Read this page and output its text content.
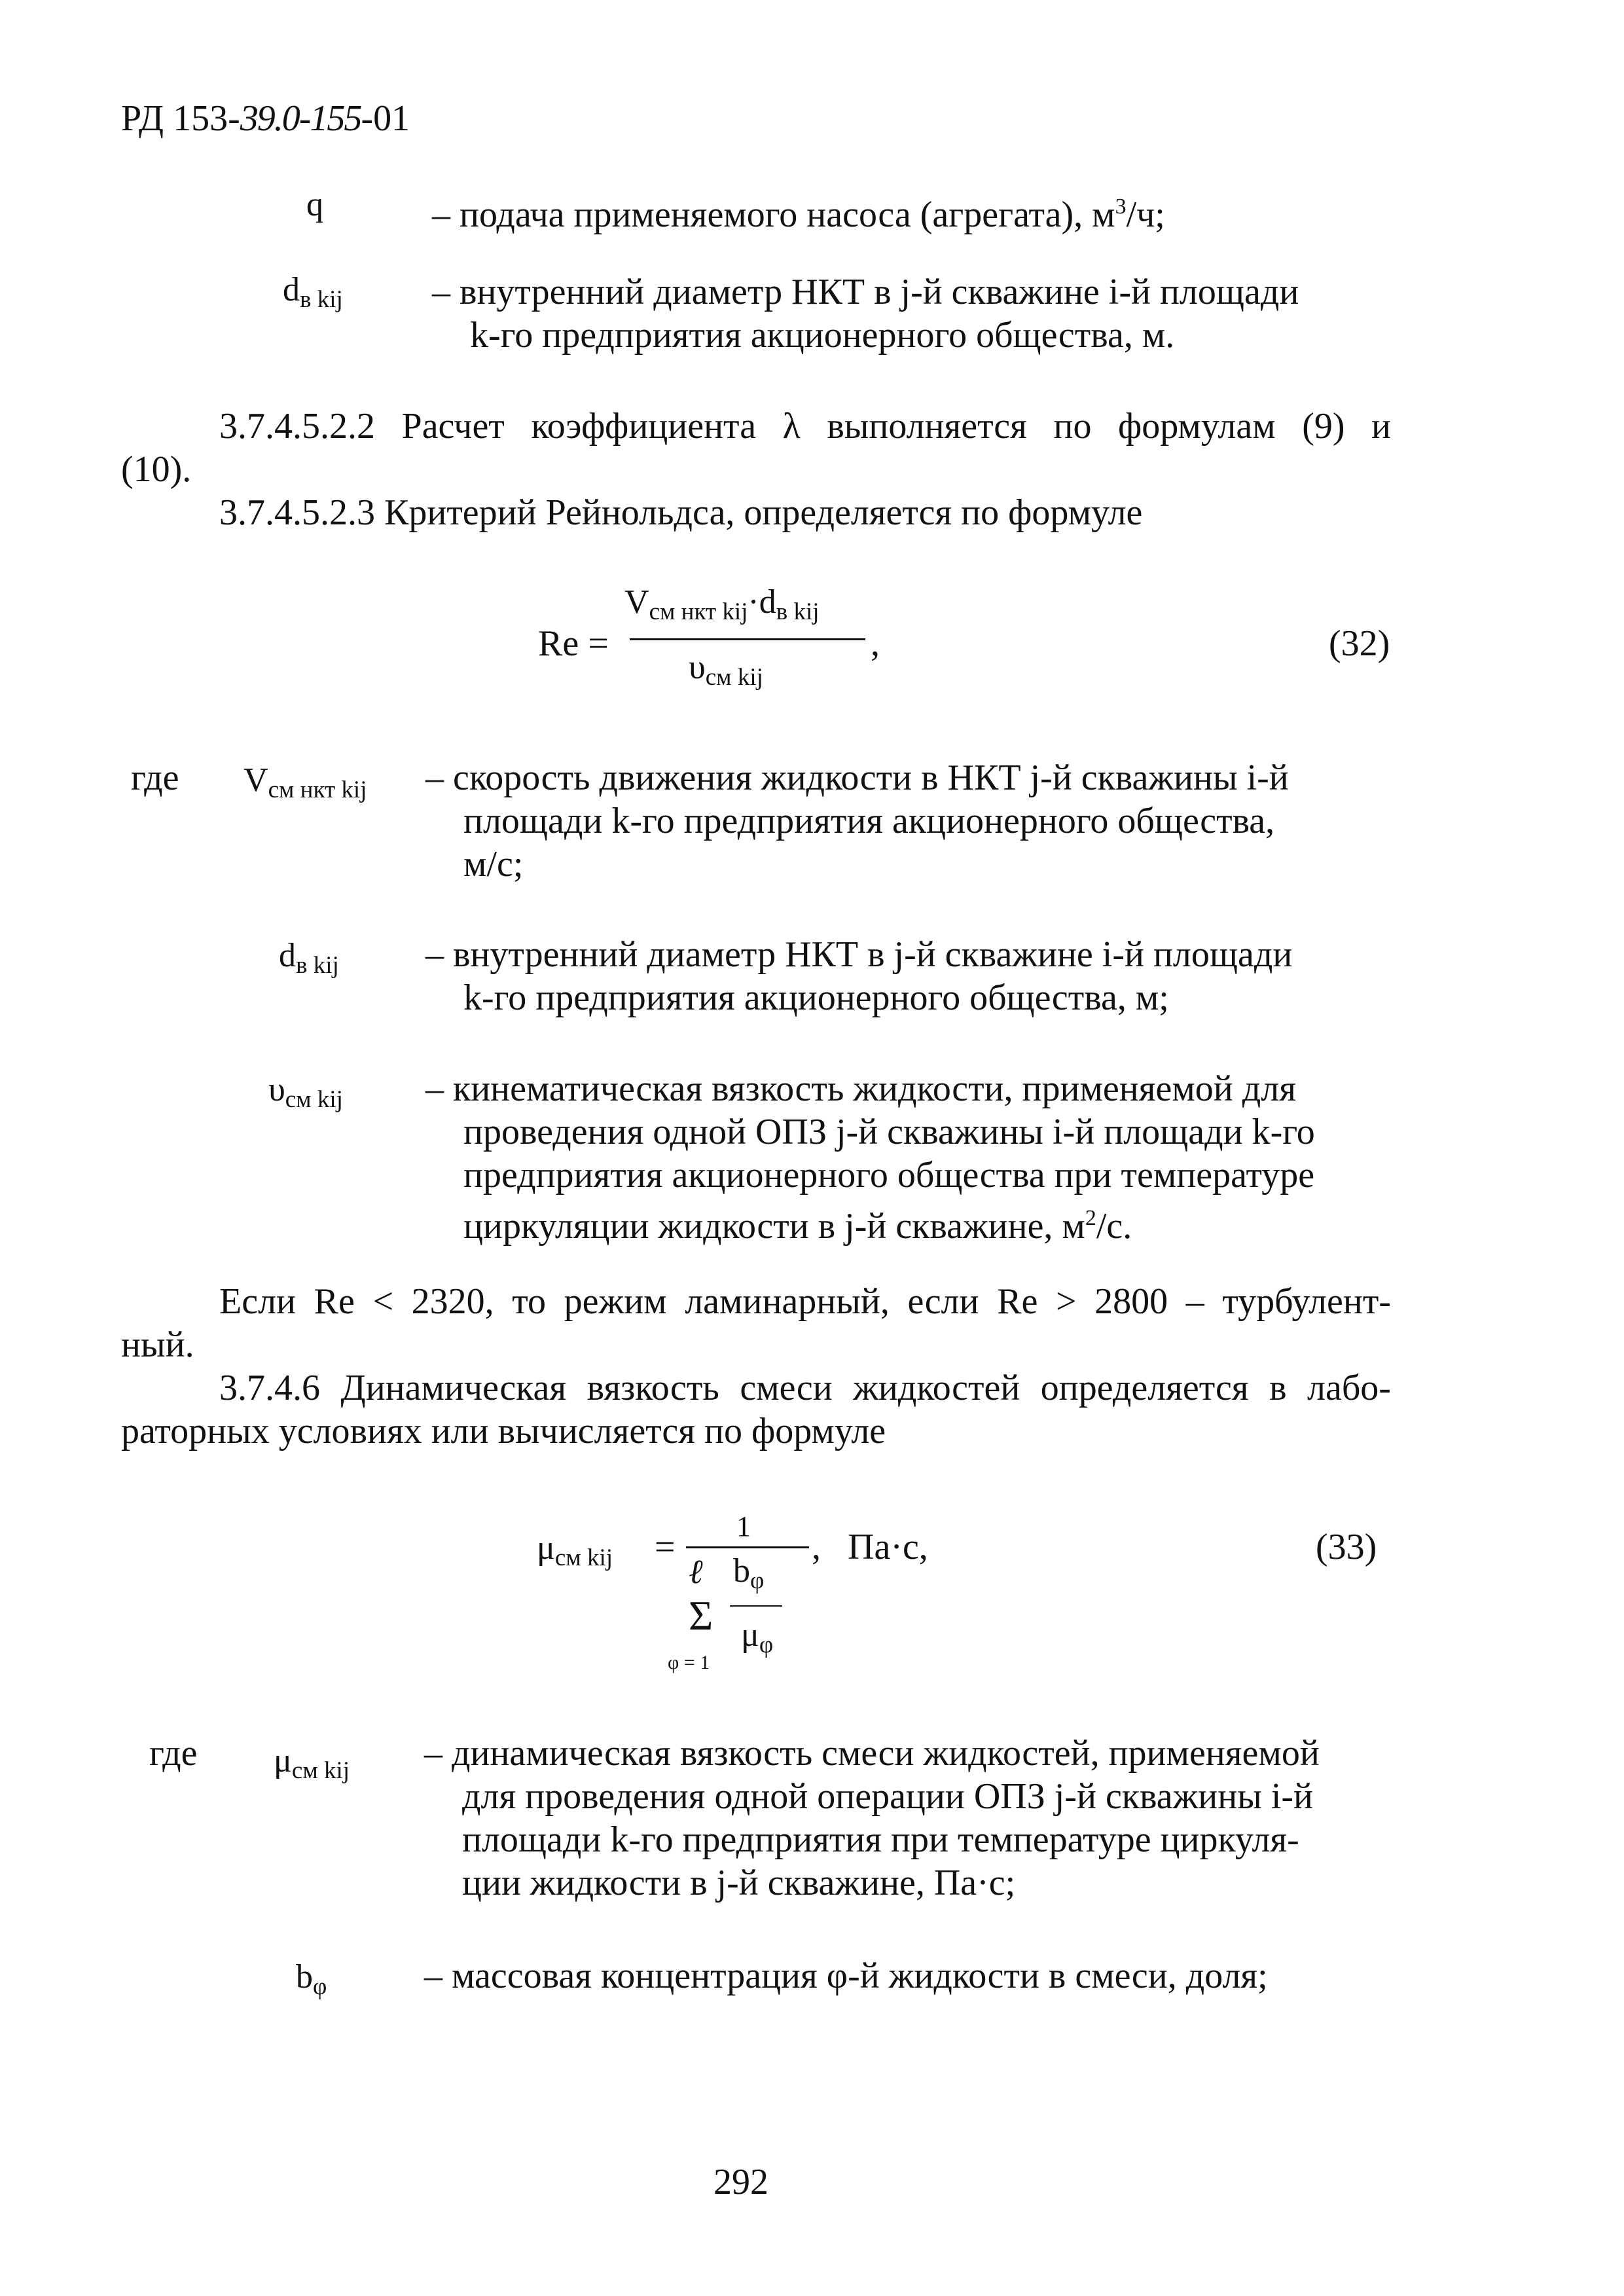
РД 153-39.0-155-01
q	– подача применяемого насоса (агрегата), $м^3/ч$;
$d_{в kij}$ – внутренний диаметр НКТ в j-й скважине i-й площади
k-го предприятия акционерного общества, м.
3.7.4.5.2.2 Расчет коэффициента λ выполняется по формулам (9) и
(10).
3.7.4.5.2.3 Критерий Рейнольдса, определяется по формуле
Re =
$V_{см нкт kij}\cdot d_{в kij}$
$\upsilon_{см kij}$
,	(32)
где $V_{см нкт kij}$ – скорость движения жидкости в НКТ j-й скважины i-й
площади k-го предприятия акционерного общества,
м/с;
$d_{в kij}$ – внутренний диаметр НКТ в j-й скважине i-й площади
k-го предприятия акционерного общества, м;
$\upsilon_{см kij}$ – кинематическая вязкость жидкости, применяемой для
проведения одной ОПЗ j-й скважины i-й площади k-го
предприятия акционерного общества при температуре
циркуляции жидкости в j-й скважине, $м^2/с$.
Если Re < 2320, то режим ламинарный, если Re > 2800 – турбулент-
ный.
3.7.4.6 Динамическая вязкость смеси жидкостей определяется в лабо-
раторных условиях или вычисляется по формуле
$\mu_{см kij}$ =
1
ℓ $b_\varphi$
Σ $\mu_\varphi$
φ = 1
, Па·с,	(33)
где $\mu_{см kij}$ – динамическая вязкость смеси жидкостей, применяемой
для проведения одной операции ОПЗ j-й скважины i-й
площади k-го предприятия при температуре циркуля-
ции жидкости в j-й скважине, Па·с;
$b_\varphi$	– массовая концентрация φ-й жидкости в смеси, доля;
292
